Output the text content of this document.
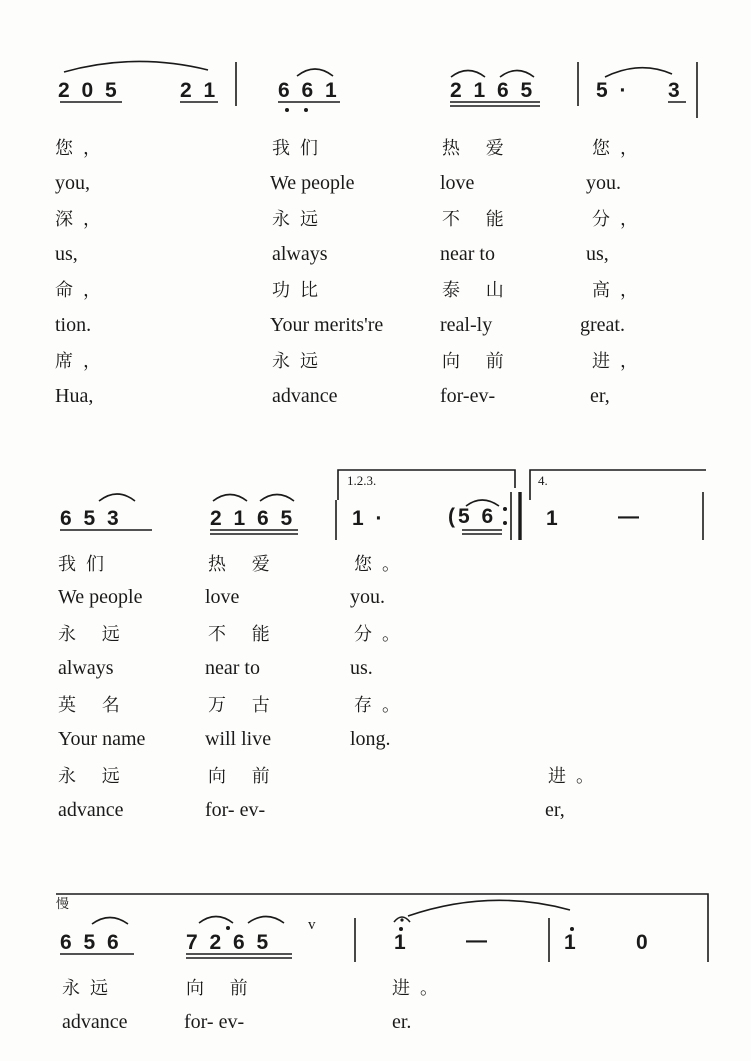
2 0 5	2 1	6 6 1	2 1 6 5	5 · 3
您，	我们	热 爱	您，
you,	We people	love	you.
深，	永远	不 能	分，
us,	always	near to	us,
命，	功比	泰 山	高，
tion.	Your merits're	real-ly	great.
席，	永远	向 前	进，
Hua,	advance	for-ev-	er,
1.2.3.	4.
6 5 3	2 1 6 5	1 ·	(5 6 1	—
我们	热 爱	您。
We people	love	you.
永 远	不 能	分。
always	near to	us.
英 名	万 古	存。
Your name	will live	long.
永 远	向 前	进。
advance	for- ev-	er,
慢
6 5 6	7 2 6 5
v
1	—	1	0
永远	向 前	进。
advance	for- ev-	er.
